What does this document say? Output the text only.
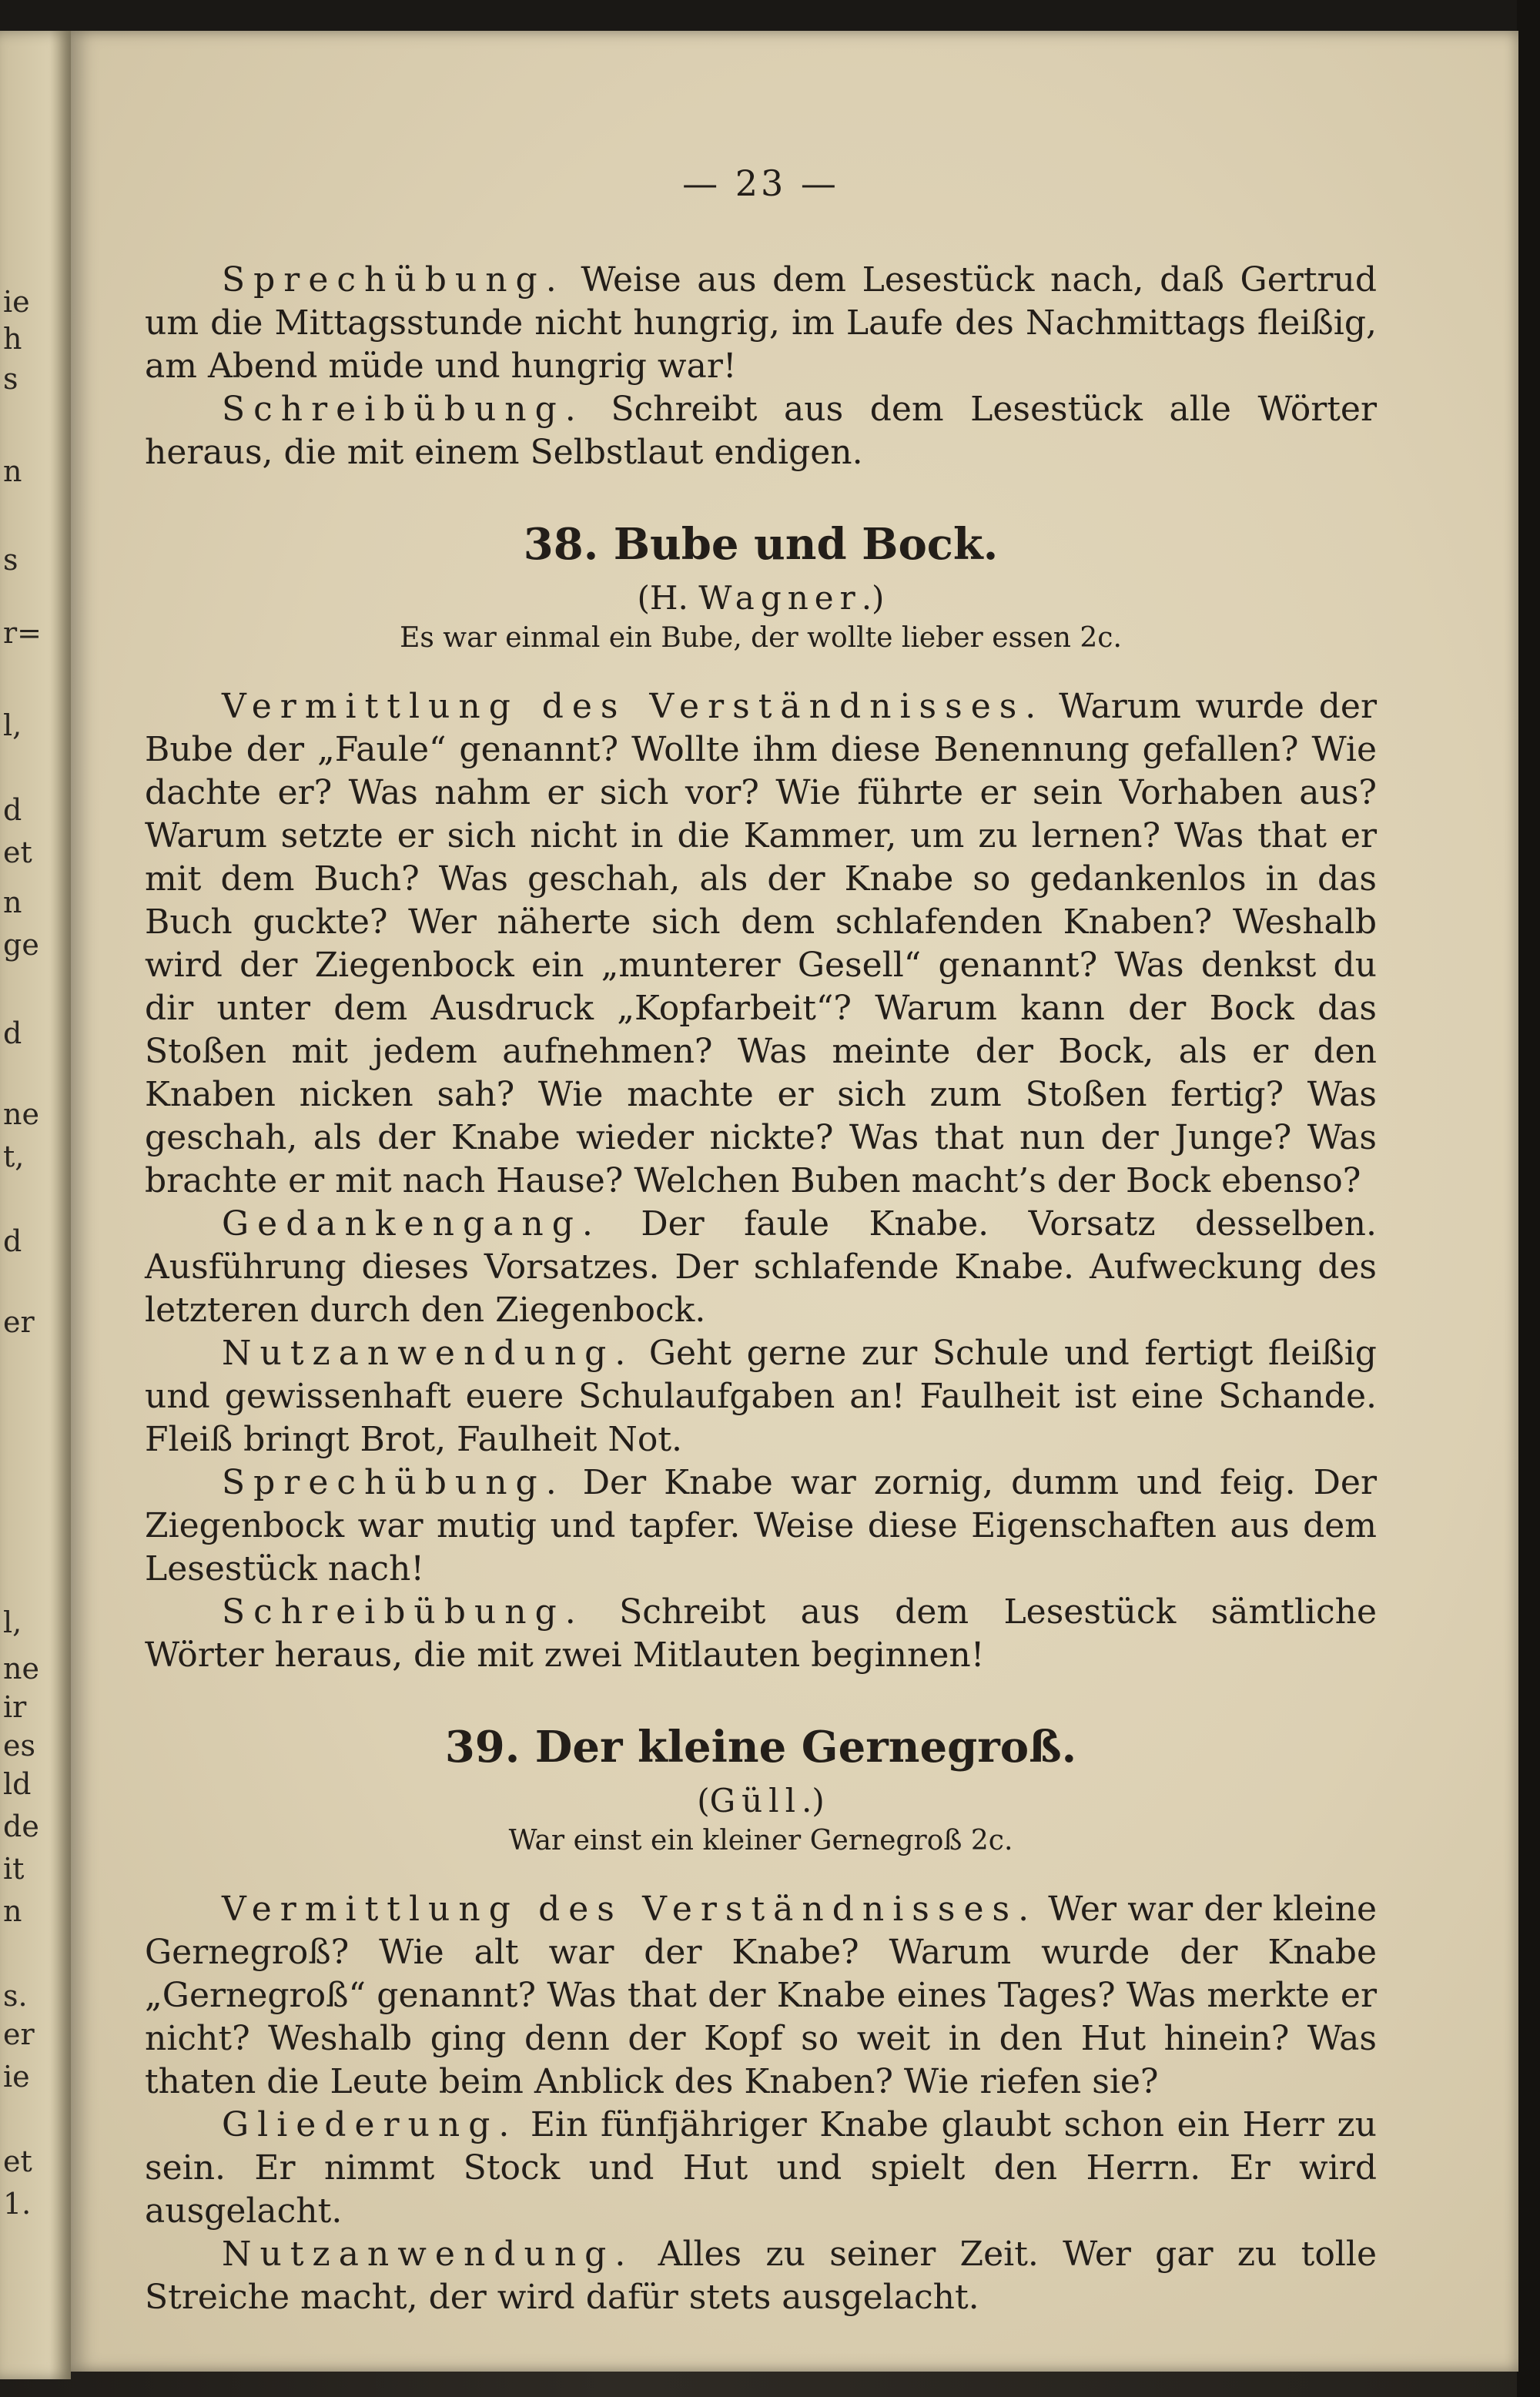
ie
h
s
n
s
r=
l,
d
et
n
ge
d
ne
t,
d
er
l,
ne
ir
es
ld
de
it
n
s.
er
ie
et
1.
— 23 —

Sprechübung. Weise aus dem Lesestück nach, daß Gertrud um die Mittagsstunde nicht hungrig, im Laufe des Nachmittags fleißig, am Abend müde und hungrig war!

Schreibübung. Schreibt aus dem Lesestück alle Wörter heraus, die mit einem Selbstlaut endigen.

38. Bube und Bock.
(H. Wagner.)
Es war einmal ein Bube, der wollte lieber essen 2c.

Vermittlung des Verständnisses. Warum wurde der Bube der „Faule“ genannt? Wollte ihm diese Benennung gefallen? Wie dachte er? Was nahm er sich vor? Wie führte er sein Vorhaben aus? Warum setzte er sich nicht in die Kammer, um zu lernen? Was that er mit dem Buch? Was geschah, als der Knabe so gedankenlos in das Buch guckte? Wer näherte sich dem schlafenden Knaben? Weshalb wird der Ziegenbock ein „munterer Gesell“ genannt? Was denkst du dir unter dem Ausdruck „Kopfarbeit“? Warum kann der Bock das Stoßen mit jedem aufnehmen? Was meinte der Bock, als er den Knaben nicken sah? Wie machte er sich zum Stoßen fertig? Was geschah, als der Knabe wieder nickte? Was that nun der Junge? Was brachte er mit nach Hause? Welchen Buben macht’s der Bock ebenso?

Gedankengang. Der faule Knabe. Vorsatz desselben. Ausführung dieses Vorsatzes. Der schlafende Knabe. Aufweckung des letzteren durch den Ziegenbock.

Nutzanwendung. Geht gerne zur Schule und fertigt fleißig und gewissenhaft euere Schulaufgaben an! Faulheit ist eine Schande. Fleiß bringt Brot, Faulheit Not.

Sprechübung. Der Knabe war zornig, dumm und feig. Der Ziegenbock war mutig und tapfer. Weise diese Eigenschaften aus dem Lesestück nach!

Schreibübung. Schreibt aus dem Lesestück sämtliche Wörter heraus, die mit zwei Mitlauten beginnen!

39. Der kleine Gernegroß.
(Güll.)
War einst ein kleiner Gernegroß 2c.

Vermittlung des Verständnisses. Wer war der kleine Gernegroß? Wie alt war der Knabe? Warum wurde der Knabe „Gernegroß“ genannt? Was that der Knabe eines Tages? Was merkte er nicht? Weshalb ging denn der Kopf so weit in den Hut hinein? Was thaten die Leute beim Anblick des Knaben? Wie riefen sie?

Gliederung. Ein fünfjähriger Knabe glaubt schon ein Herr zu sein. Er nimmt Stock und Hut und spielt den Herrn. Er wird ausgelacht.

Nutzanwendung. Alles zu seiner Zeit. Wer gar zu tolle Streiche macht, der wird dafür stets ausgelacht.
